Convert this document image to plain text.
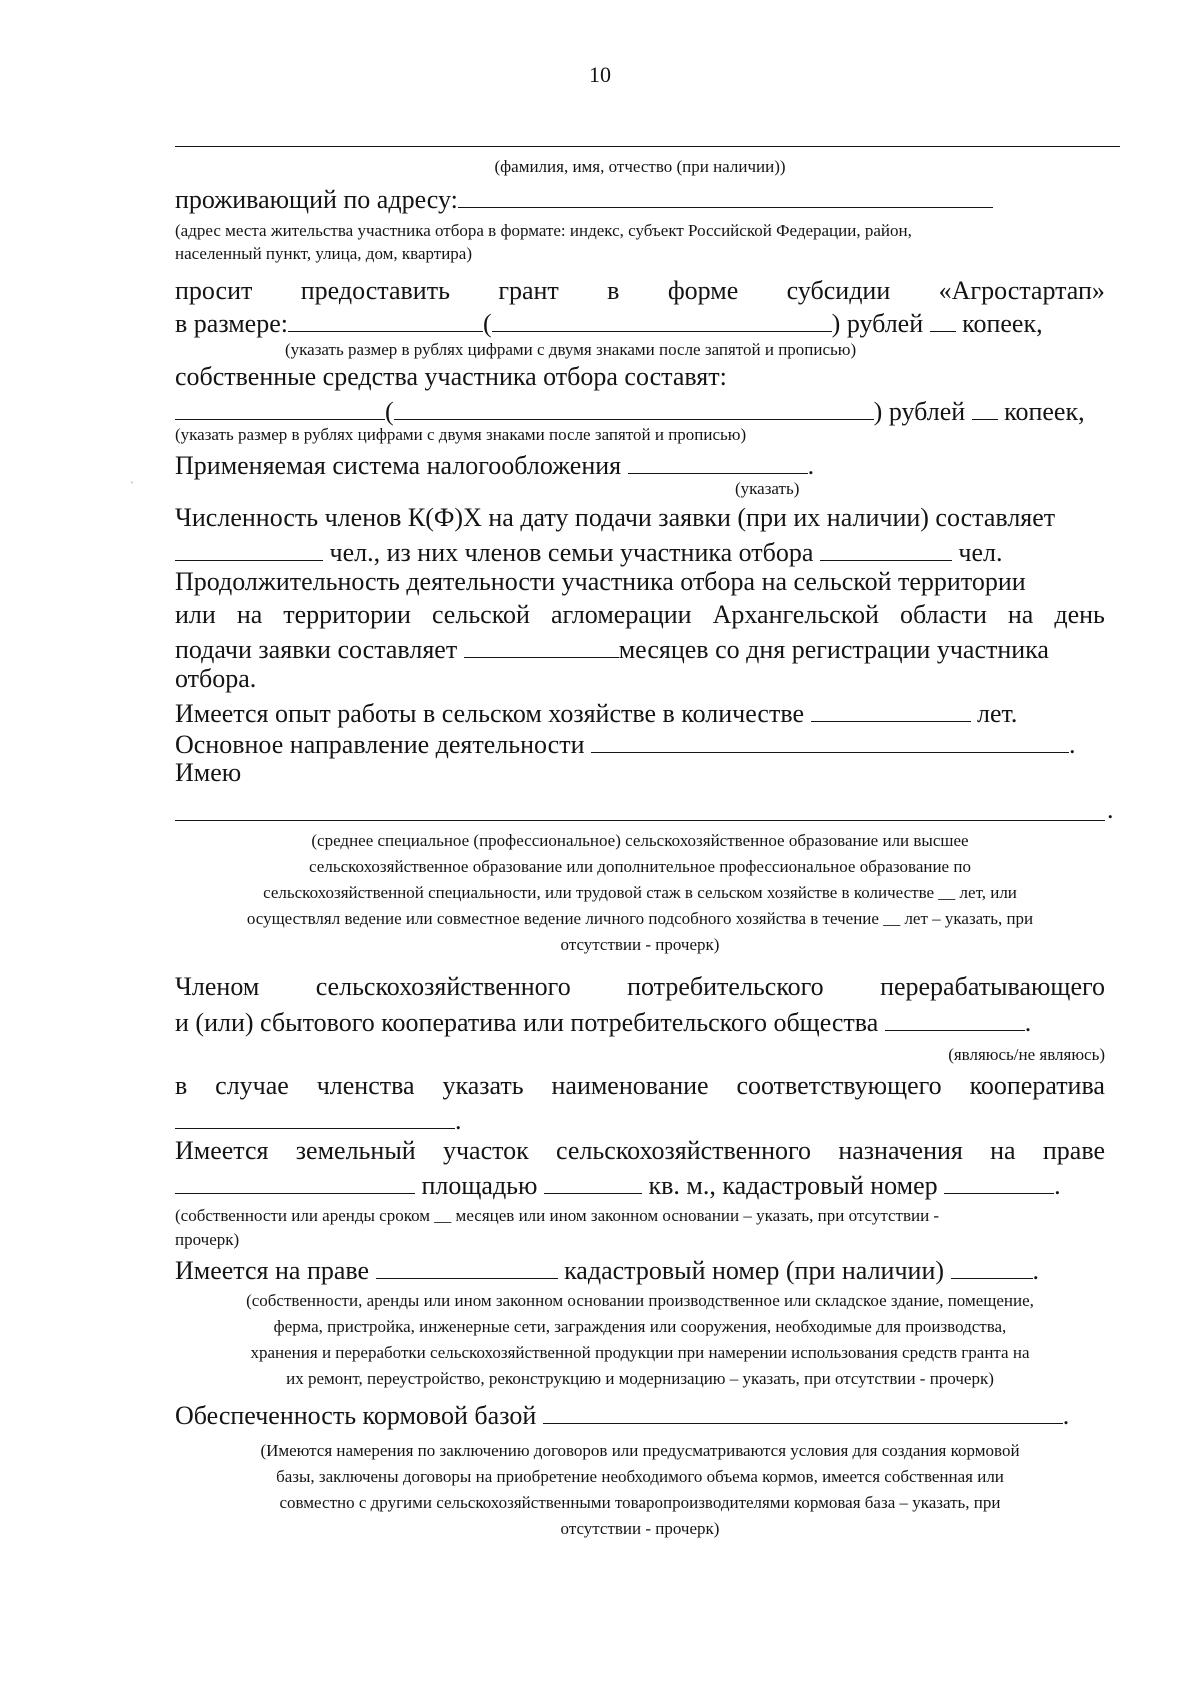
10
(фамилия, имя, отчество (при наличии))
проживающий по адресу:
(адрес места жительства участника отбора в формате: индекс, субъект Российской Федерации, район,
населенный пункт, улица, дом, квартира)
просит предоставить грант в форме субсидии «Агростартап»
в размере:	(	) рублей копеек,
(указать размер в рублях цифрами с двумя знаками после запятой и прописью)
собственные средства участника отбора составят:
(	) рублей копеек,
(указать размер в рублях цифрами с двумя знаками после запятой и прописью)
Применяемая система налогообложения	.
(указать)
ˏ
Численность членов К(Ф)Х на дату подачи заявки (при их наличии) составляет
чел., из них членов семьи участника отбора	чел.
Продолжительность деятельности участника отбора на сельской территории
или на территории сельской агломерации Архангельской области на день
подачи заявки составляет	месяцев со дня регистрации участника
отбора.
Имеется опыт работы в сельском хозяйстве в количестве	лет.
Основное направление деятельности	.
Имею
.
(среднее специальное (профессиональное) сельскохозяйственное образование или высшее
сельскохозяйственное образование или дополнительное профессиональное образование по
сельскохозяйственной специальности, или трудовой стаж в сельском хозяйстве в количестве __ лет, или
осуществлял ведение или совместное ведение личного подсобного хозяйства в течение __ лет – указать, при
отсутствии - прочерк)
Членом сельскохозяйственного потребительского перерабатывающего
и (или) сбытового кооператива или потребительского общества	.
(являюсь/не являюсь)
в случае членства указать наименование соответствующего кооператива
.
Имеется земельный участок сельскохозяйственного назначения на праве
площадью	кв. м., кадастровый номер	.
(собственности или аренды сроком __ месяцев или ином законном основании – указать, при отсутствии -
прочерк)
Имеется на праве	кадастровый номер (при наличии)	.
(собственности, аренды или ином законном основании производственное или складское здание, помещение,
ферма, пристройка, инженерные сети, заграждения или сооружения, необходимые для производства,
хранения и переработки сельскохозяйственной продукции при намерении использования средств гранта на
их ремонт, переустройство, реконструкцию и модернизацию – указать, при отсутствии - прочерк)
Обеспеченность кормовой базой	.
(Имеются намерения по заключению договоров или предусматриваются условия для создания кормовой
базы, заключены договоры на приобретение необходимого объема кормов, имеется собственная или
совместно с другими сельскохозяйственными товаропроизводителями кормовая база – указать, при
отсутствии - прочерк)
